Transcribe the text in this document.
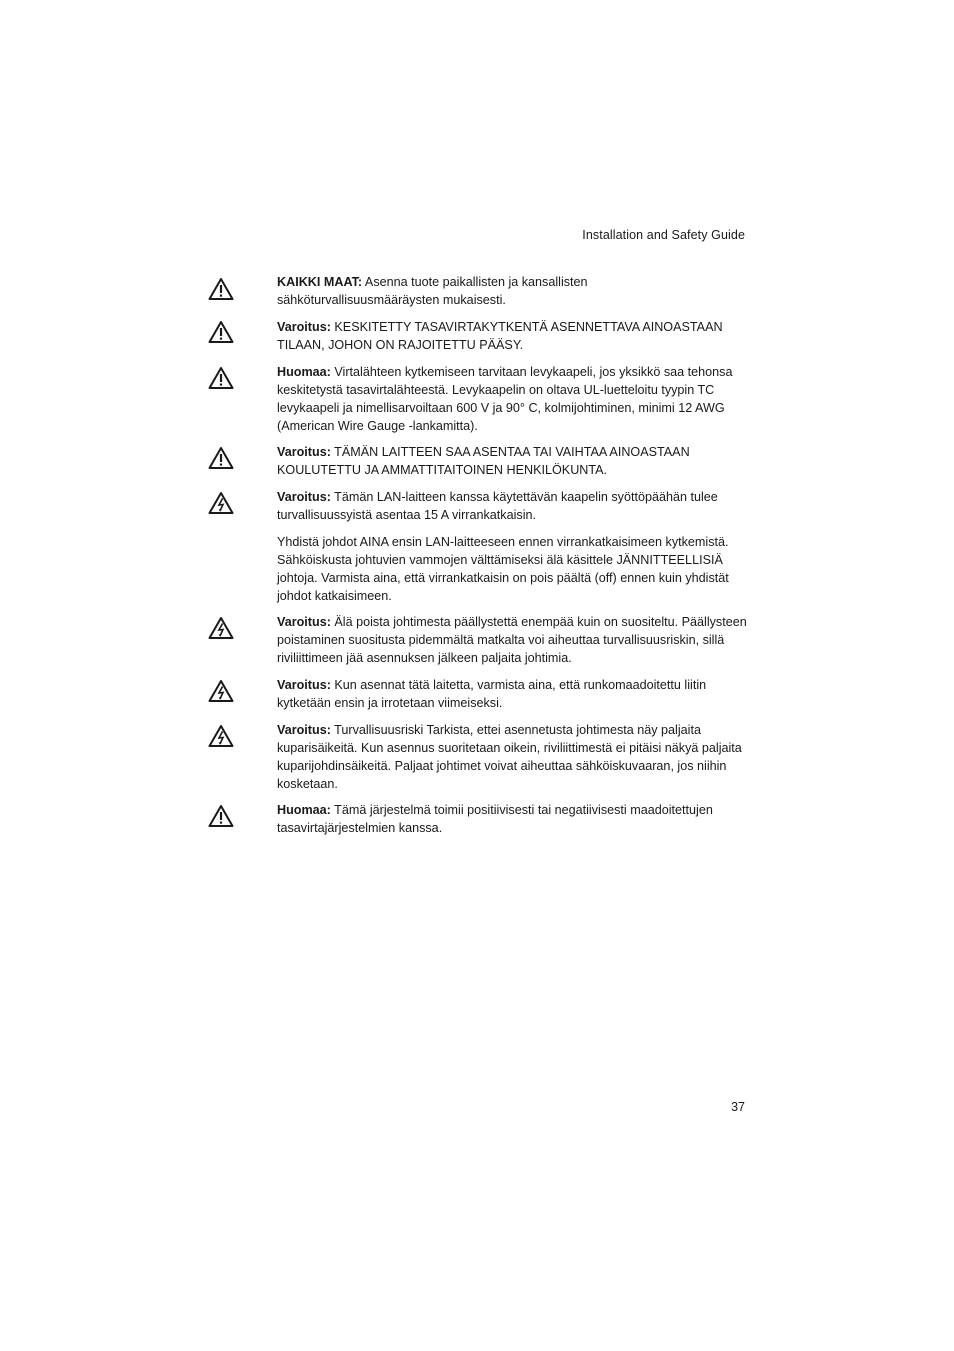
Installation and Safety Guide
KAIKKI MAAT: Asenna tuote paikallisten ja kansallisten sähköturvallisuusmääräysten mukaisesti.
Varoitus: KESKITETTY TASAVIRTAKYTKENTÄ ASENNETTAVA AINOASTAAN TILAAN, JOHON ON RAJOITETTU PÄÄSY.
Huomaa: Virtalähteen kytkemiseen tarvitaan levykaapeli, jos yksikkö saa tehonsa keskitetystä tasavirtalähteestä. Levykaapelin on oltava UL-luetteloitu tyypin TC levykaapeli ja nimellisarvoiltaan 600 V ja 90° C, kolmijohtiminen, minimi 12 AWG (American Wire Gauge -lankamitta).
Varoitus: TÄMÄN LAITTEEN SAA ASENTAA TAI VAIHTAA AINOASTAAN KOULUTETTU JA AMMATTITAITOINEN HENKILÖKUNTA.
Varoitus: Tämän LAN-laitteen kanssa käytettävän kaapelin syöttöpäähän tulee turvallisuussyistä asentaa 15 A virrankatkaisin.
Yhdistä johdot AINA ensin LAN-laitteeseen ennen virrankatkaisimeen kytkemistä. Sähköiskusta johtuvien vammojen välttämiseksi älä käsittele JÄNNITTEELLISIÄ johtoja. Varmista aina, että virrankatkaisin on pois päältä (off) ennen kuin yhdistät johdot katkaisimeen.
Varoitus: Älä poista johtimesta päällystettä enempää kuin on suositeltu. Päällysteen poistaminen suositusta pidemmältä matkalta voi aiheuttaa turvallisuusriskin, sillä riviliittimeen jää asennuksen jälkeen paljaita johtimia.
Varoitus: Kun asennat tätä laitetta, varmista aina, että runkomaadoitettu liitin kytketään ensin ja irrotetaan viimeiseksi.
Varoitus: Turvallisuusriski Tarkista, ettei asennetusta johtimesta näy paljaita kuparisäikeitä. Kun asennus suoritetaan oikein, riviliittimestä ei pitäisi näkyä paljaita kuparijohdinsäikeitä. Paljaat johtimet voivat aiheuttaa sähköiskuvaaran, jos niihin kosketaan.
Huomaa: Tämä järjestelmä toimii positiivisesti tai negatiivisesti maadoitettujen tasavirtajärjestelmien kanssa.
37
